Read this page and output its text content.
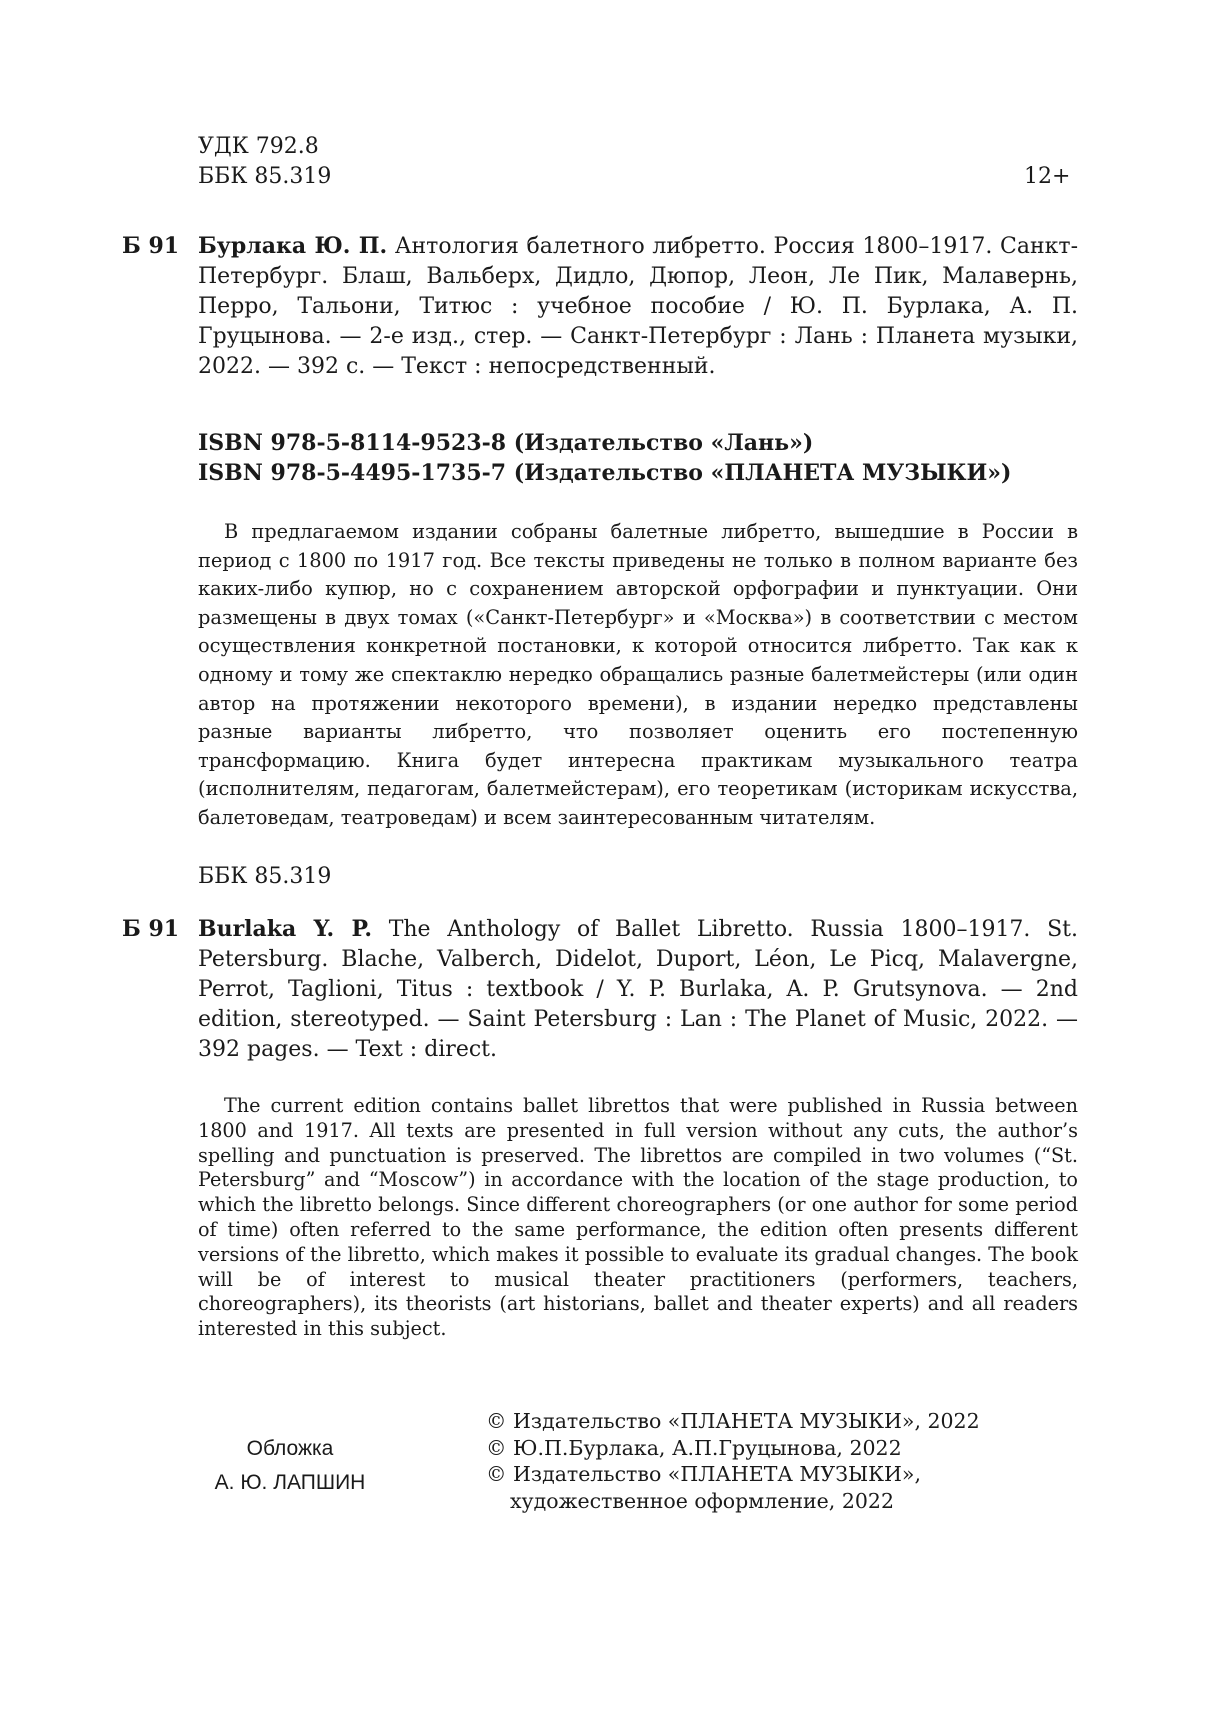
УДК 792.8
ББК 85.319	12+
Б 91 Бурлака Ю. П. Антология балетного либретто. Россия 1800–1917. Санкт-Петербург. Блаш, Вальберх, Дидло, Дюпор, Леон, Ле Пик, Малавернь, Перро, Тальони, Титюс : учебное пособие / Ю. П. Бурлака, А. П. Груцынова. — 2-е изд., стер. — Санкт-Петербург : Лань : Планета музыки, 2022. — 392 с. — Текст : непосредственный.
ISBN 978-5-8114-9523-8 (Издательство «Лань»)
ISBN 978-5-4495-1735-7 (Издательство «ПЛАНЕТА МУЗЫКИ»)
В предлагаемом издании собраны балетные либретто, вышедшие в России в период с 1800 по 1917 год. Все тексты приведены не только в полном варианте без каких-либо купюр, но с сохранением авторской орфографии и пунктуации. Они размещены в двух томах («Санкт-Петербург» и «Москва») в соответствии с местом осуществления конкретной постановки, к которой относится либретто. Так как к одному и тому же спектаклю нередко обращались разные балетмейстеры (или один автор на протяжении некоторого времени), в издании нередко представлены разные варианты либретто, что позволяет оценить его постепенную трансформацию. Книга будет интересна практикам музыкального театра (исполнителям, педагогам, балетмейстерам), его теоретикам (историкам искусства, балетоведам, театроведам) и всем заинтересованным читателям.
ББК 85.319
Б 91 Burlaka Y. P. The Anthology of Ballet Libretto. Russia 1800–1917. St. Petersburg. Blache, Valberch, Didelot, Duport, Léon, Le Picq, Malavergne, Perrot, Taglioni, Titus : textbook / Y. P. Burlaka, A. P. Grutsynova. — 2nd edition, stereotyped. — Saint Petersburg : Lan : The Planet of Music, 2022. — 392 pages. — Text : direct.
The current edition contains ballet librettos that were published in Russia between 1800 and 1917. All texts are presented in full version without any cuts, the author’s spelling and punctuation is preserved. The librettos are compiled in two volumes (“St. Petersburg” and “Moscow”) in accordance with the location of the stage production, to which the libretto belongs. Since different choreographers (or one author for some period of time) often referred to the same performance, the edition often presents different versions of the libretto, which makes it possible to evaluate its gradual changes. The book will be of interest to musical theater practitioners (performers, teachers, choreographers), its theorists (art historians, ballet and theater experts) and all readers interested in this subject.
Обложка
А. Ю. ЛАПШИН
© Издательство «ПЛАНЕТА МУЗЫКИ», 2022
© Ю.П.Бурлака, А.П.Груцынова, 2022
© Издательство «ПЛАНЕТА МУЗЫКИ»,
художественное оформление, 2022
